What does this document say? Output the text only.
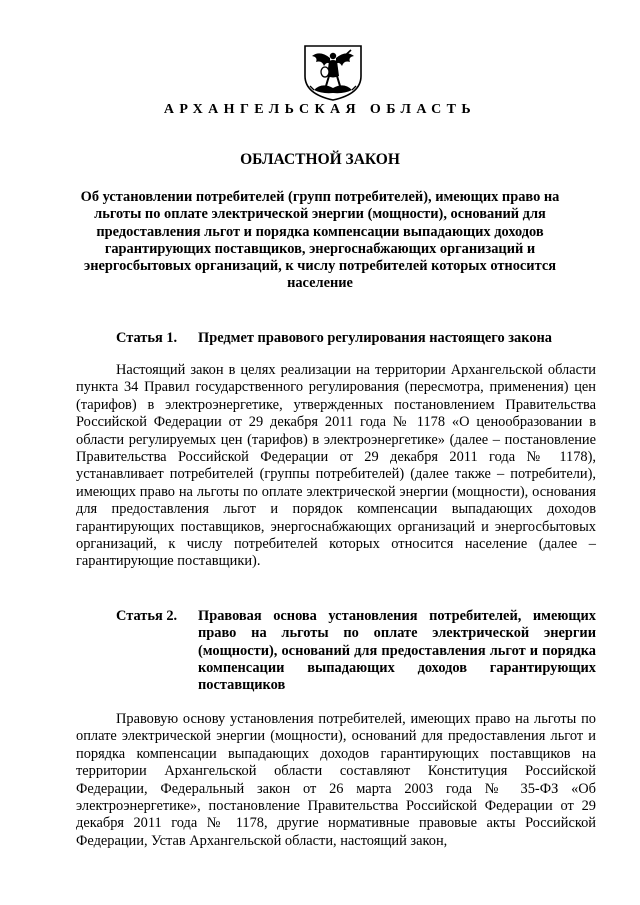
АРХАНГЕЛЬСКАЯ ОБЛАСТЬ
ОБЛАСТНОЙ ЗАКОН
Об установлении потребителей (групп потребителей), имеющих право на льготы по оплате электрической энергии (мощности), оснований для предоставления льгот и порядка компенсации выпадающих доходов гарантирующих поставщиков, энергоснабжающих организаций и энергосбытовых организаций, к числу потребителей которых относится население
Статья 1. Предмет правового регулирования настоящего закона
Настоящий закон в целях реализации на территории Архангельской области пункта 34 Правил государственного регулирования (пересмотра, применения) цен (тарифов) в электроэнергетике, утвержденных постановлением Правительства Российской Федерации от 29 декабря 2011 года № 1178 «О ценообразовании в области регулируемых цен (тарифов) в электроэнергетике» (далее – постановление Правительства Российской Федерации от 29 декабря 2011 года № 1178), устанавливает потребителей (группы потребителей) (далее также – потребители), имеющих право на льготы по оплате электрической энергии (мощности), основания для предоставления льгот и порядок компенсации выпадающих доходов гарантирующих поставщиков, энергоснабжающих организаций и энергосбытовых организаций, к числу потребителей которых относится население (далее – гарантирующие поставщики).
Статья 2. Правовая основа установления потребителей, имеющих право на льготы по оплате электрической энергии (мощности), оснований для предоставления льгот и порядка компенсации выпадающих доходов гарантирующих поставщиков
Правовую основу установления потребителей, имеющих право на льготы по оплате электрической энергии (мощности), оснований для предоставления льгот и порядка компенсации выпадающих доходов гарантирующих поставщиков на территории Архангельской области составляют Конституция Российской Федерации, Федеральный закон от 26 марта 2003 года № 35-ФЗ «Об электроэнергетике», постановление Правительства Российской Федерации от 29 декабря 2011 года № 1178, другие нормативные правовые акты Российской Федерации, Устав Архангельской области, настоящий закон,
